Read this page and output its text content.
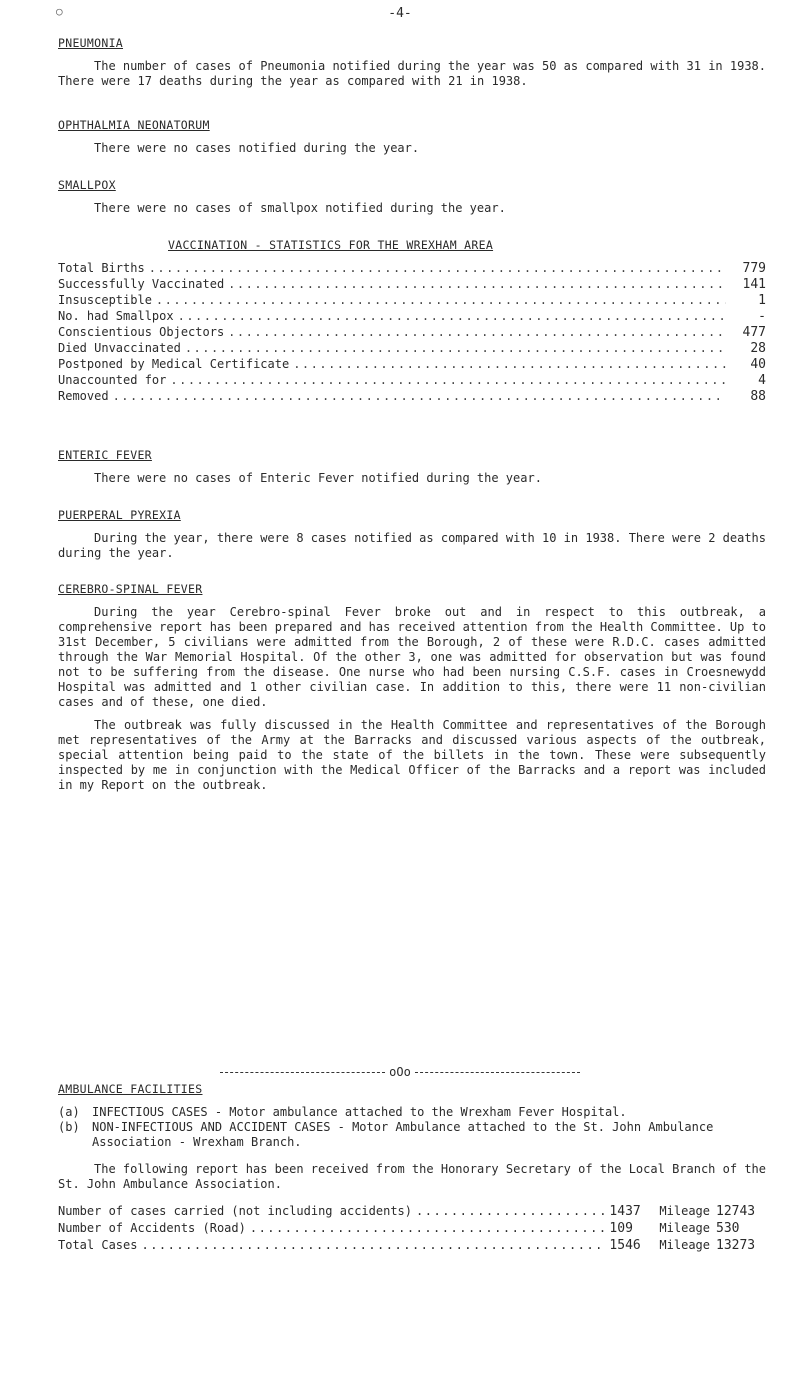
○	-4-
PNEUMONIA

The number of cases of Pneumonia notified during the year was 50 as compared with 31 in 1938. There were 17 deaths during the year as compared with 21 in 1938.

OPHTHALMIA NEONATORUM

There were no cases notified during the year.

SMALLPOX

There were no cases of smallpox notified during the year.

VACCINATION - STATISTICS FOR THE WREXHAM AREA
Total Births .....	779
Successfully Vaccinated .....	141
Insusceptible .....	1
No. had Smallpox .....	-
Conscientious Objectors .....	477
Died Unvaccinated .....	28
Postponed by Medical Certificate .....	40
Unaccounted for .....	4
Removed .....	88
ENTERIC FEVER

There were no cases of Enteric Fever notified during the year.

PUERPERAL PYREXIA

During the year, there were 8 cases notified as compared with 10 in 1938. There were 2 deaths during the year.

CEREBRO-SPINAL FEVER

During the year Cerebro-spinal Fever broke out and in respect to this outbreak, a comprehensive report has been prepared and has received attention from the Health Committee. Up to 31st December, 5 civilians were admitted from the Borough, 2 of these were R.D.C. cases admitted through the War Memorial Hospital. Of the other 3, one was admitted for observation but was found not to be suffering from the disease. One nurse who had been nursing C.S.F. cases in Croesnewydd Hospital was admitted and 1 other civilian case. In addition to this, there were 11 non-civilian cases and of these, one died.

The outbreak was fully discussed in the Health Committee and representatives of the Borough met representatives of the Army at the Barracks and discussed various aspects of the outbreak, special attention being paid to the state of the billets in the town. These were subsequently inspected by me in conjunction with the Medical Officer of the Barracks and a report was included in my Report on the outbreak.

oOo
AMBULANCE FACILITIES
(a)	INFECTIOUS CASES - Motor ambulance attached to the Wrexham Fever Hospital.
(b)	NON-INFECTIOUS AND ACCIDENT CASES - Motor Ambulance attached to the St. John Ambulance Association - Wrexham Branch.

The following report has been received from the Honorary Secretary of the Local Branch of the St. John Ambulance Association.

Number of cases carried (not including accidents) .....	1437	Mileage 12743
Number of Accidents (Road) .....	109	Mileage 530
Total Cases .....	1546	Mileage 13273
